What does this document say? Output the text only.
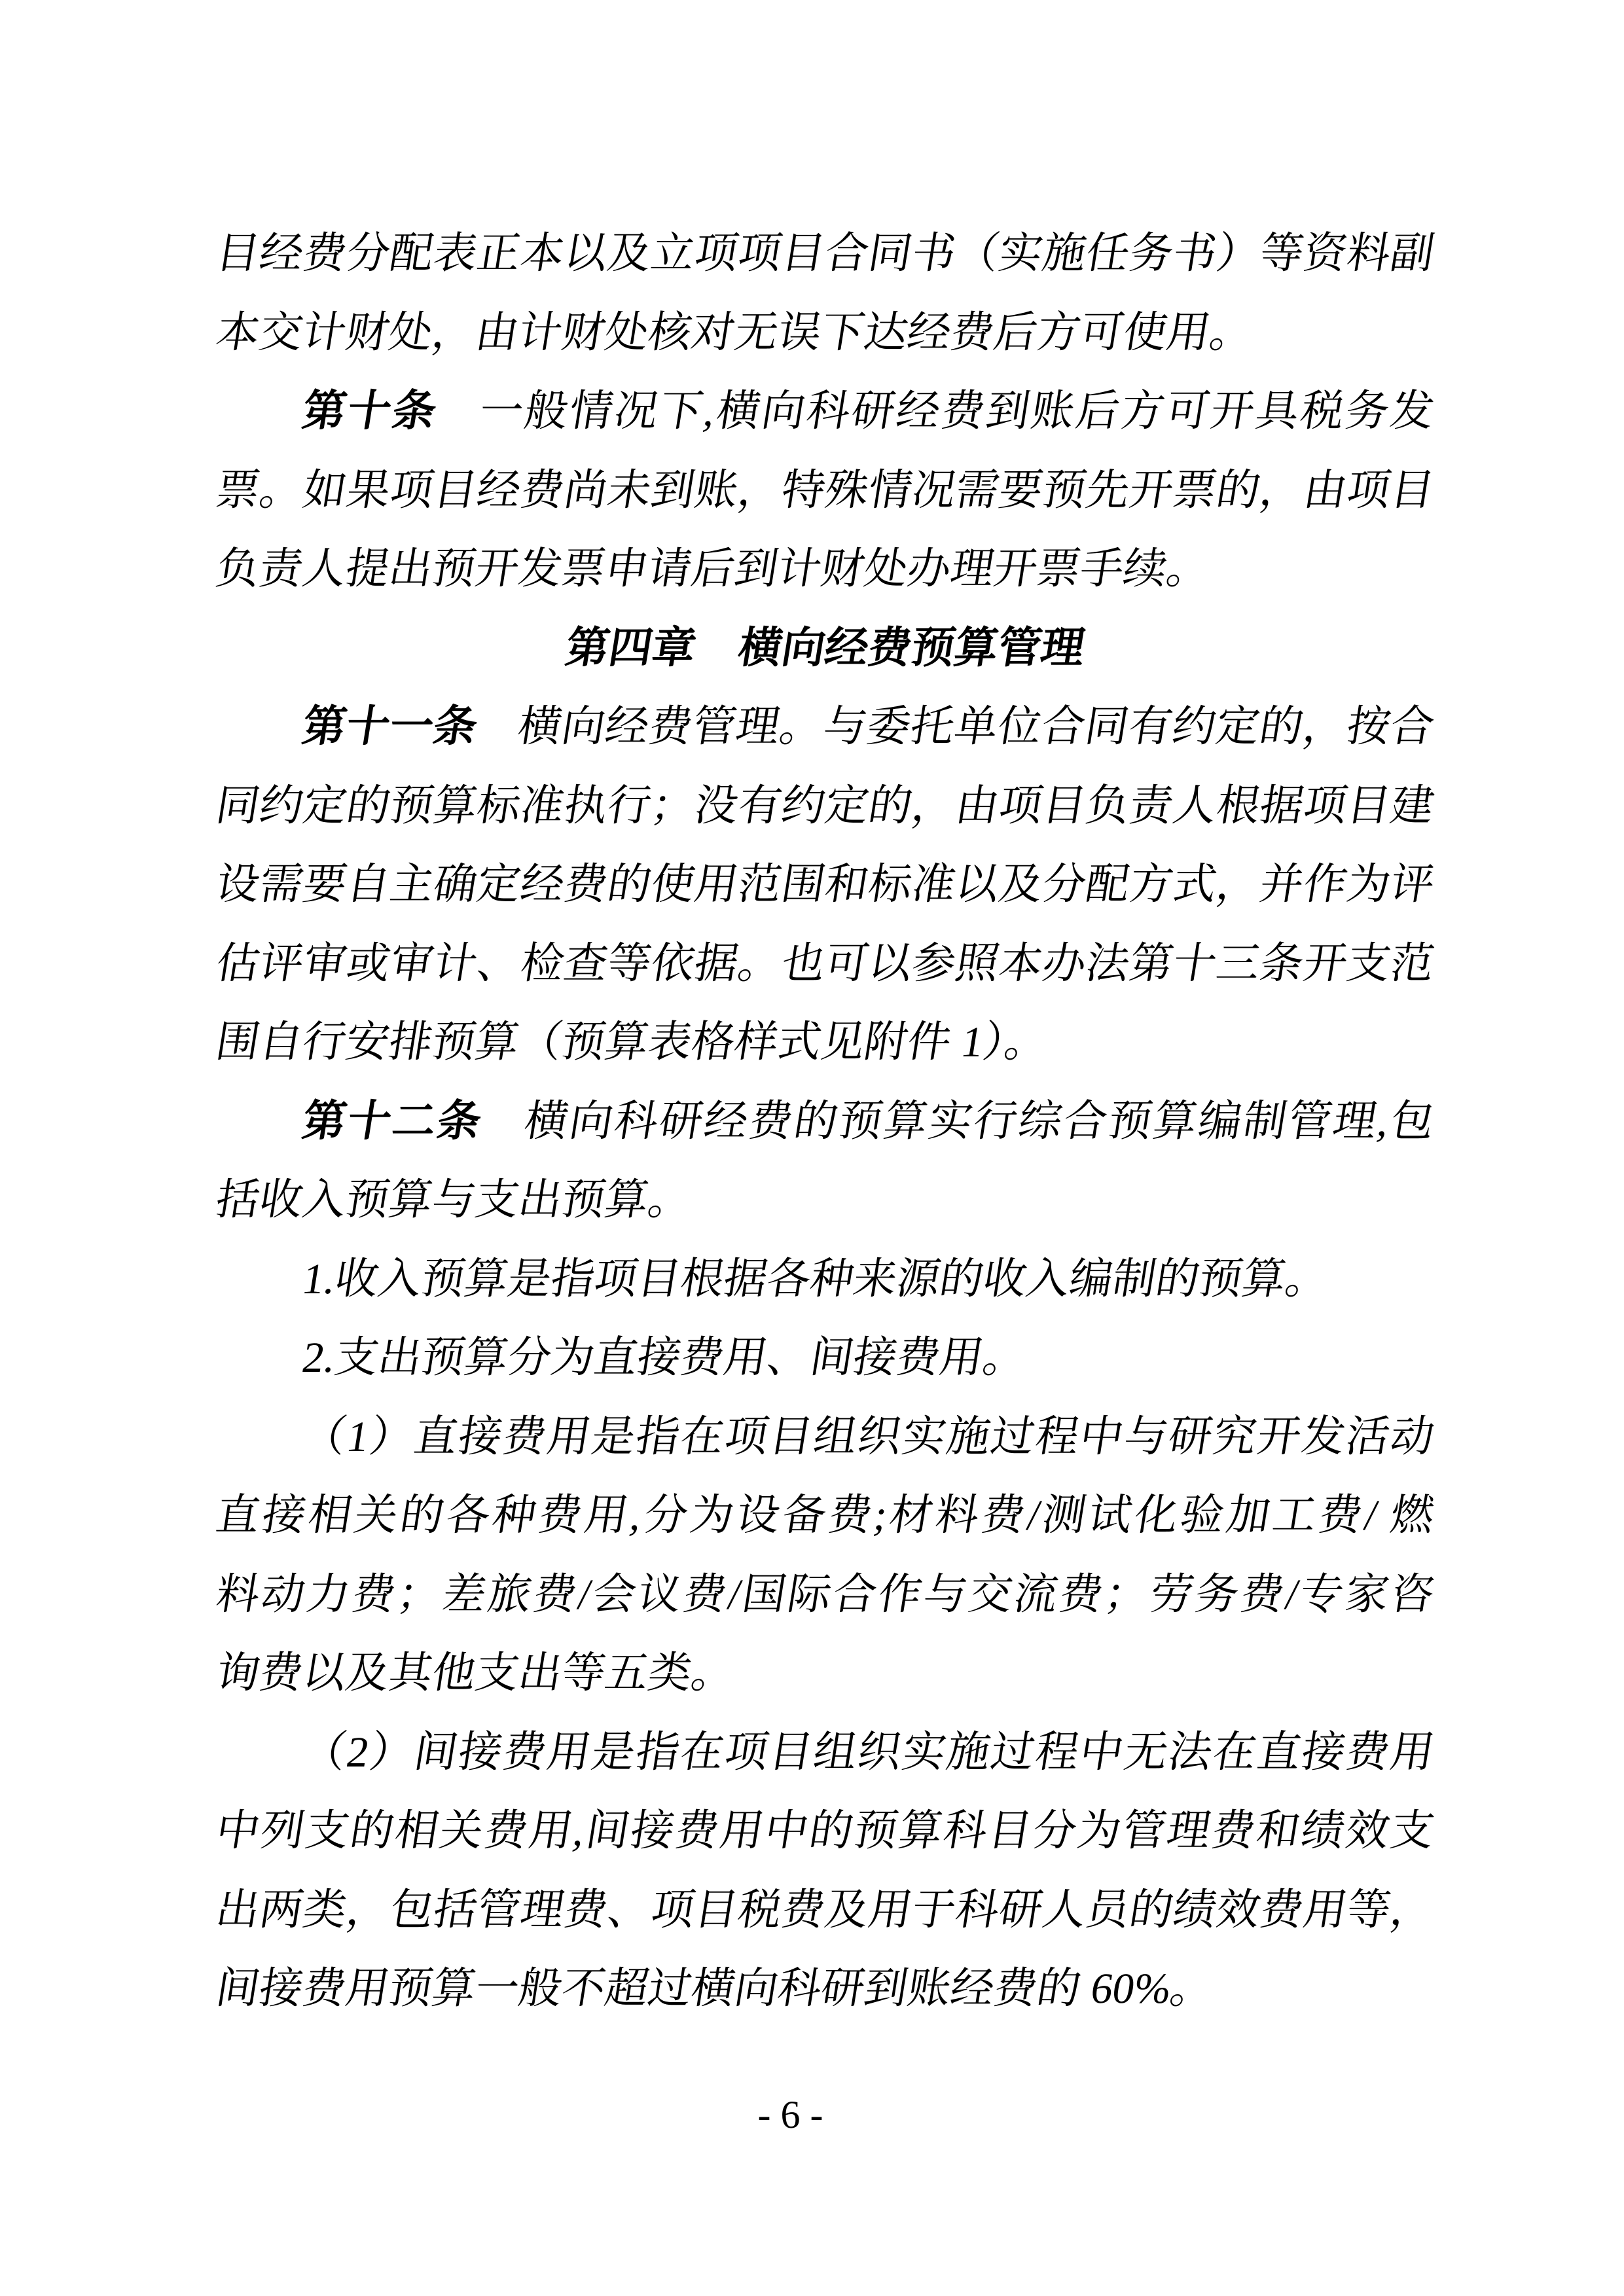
目经费分配表正本以及立项项目合同书（实施任务书）等资料副
本交计财处，由计财处核对无误下达经费后方可使用。
第十条 一般情况下,横向科研经费到账后方可开具税务发
票。如果项目经费尚未到账，特殊情况需要预先开票的，由项目
负责人提出预开发票申请后到计财处办理开票手续。
第四章　横向经费预算管理
第十一条 横向经费管理。与委托单位合同有约定的，按合
同约定的预算标准执行；没有约定的，由项目负责人根据项目建
设需要自主确定经费的使用范围和标准以及分配方式，并作为评
估评审或审计、检查等依据。也可以参照本办法第十三条开支范
围自行安排预算（预算表格样式见附件 1）。
第十二条 横向科研经费的预算实行综合预算编制管理,包
括收入预算与支出预算。
1.收入预算是指项目根据各种来源的收入编制的预算。
2.支出预算分为直接费用、间接费用。
（1）直接费用是指在项目组织实施过程中与研究开发活动
直接相关的各种费用,分为设备费;材料费/测试化验加工费/ 燃
料动力费；差旅费/会议费/国际合作与交流费；劳务费/专家咨
询费以及其他支出等五类。
（2）间接费用是指在项目组织实施过程中无法在直接费用
中列支的相关费用,间接费用中的预算科目分为管理费和绩效支
出两类，包括管理费、项目税费及用于科研人员的绩效费用等，
间接费用预算一般不超过横向科研到账经费的 60%。
- 6 -
